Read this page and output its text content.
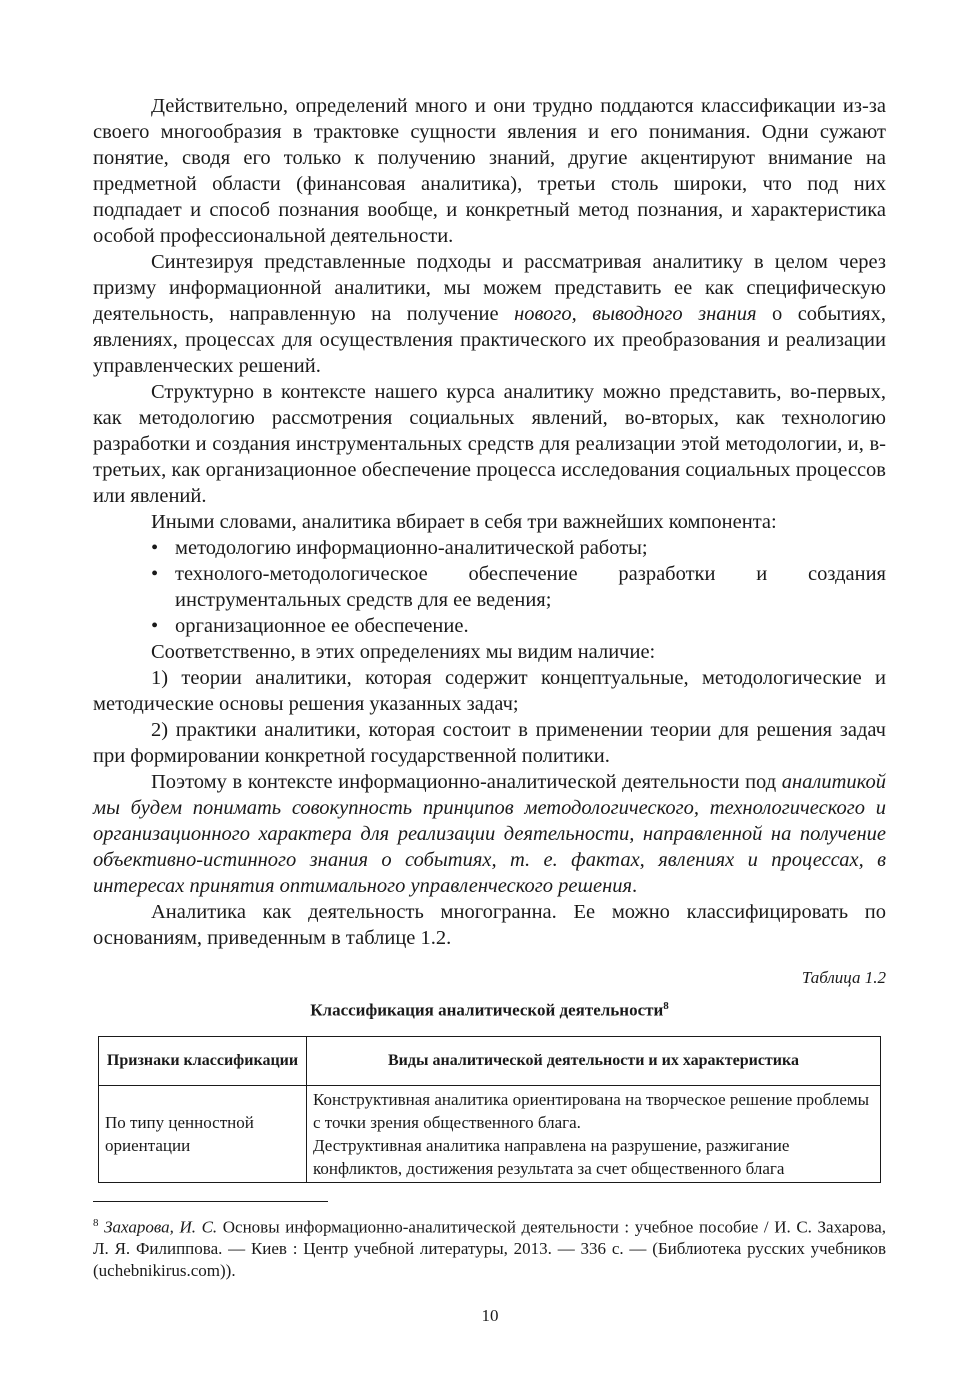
Действительно, определений много и они трудно поддаются классификации из-за своего многообразия в трактовке сущности явления и его понимания. Одни сужают понятие, сводя его только к получению знаний, другие акцентируют внимание на предметной области (финансовая аналитика), третьи столь широки, что под них подпадает и способ познания вообще, и конкретный метод познания, и характеристика особой профессиональной деятельности.

Синтезируя представленные подходы и рассматривая аналитику в целом через призму информационной аналитики, мы можем представить ее как специфическую деятельность, направленную на получение нового, выводного знания о событиях, явлениях, процессах для осуществления практического их преобразования и реализации управленческих решений.

Структурно в контексте нашего курса аналитику можно представить, во-первых, как методологию рассмотрения социальных явлений, во-вторых, как технологию разработки и создания инструментальных средств для реализации этой методологии, и, в-третьих, как организационное обеспечение процесса исследования социальных процессов или явлений.

Иными словами, аналитика вбирает в себя три важнейших компонента:

• методологию информационно-аналитической работы;
• технолого-методологическое обеспечение разработки и создания инструментальных средств для ее ведения;
• организационное ее обеспечение.

Соответственно, в этих определениях мы видим наличие:

1) теории аналитики, которая содержит концептуальные, методологические и методические основы решения указанных задач;

2) практики аналитики, которая состоит в применении теории для решения задач при формировании конкретной государственной политики.

Поэтому в контексте информационно-аналитической деятельности под аналитикой мы будем понимать совокупность принципов методологического, технологического и организационного характера для реализации деятельности, направленной на получение объективно-истинного знания о событиях, т. е. фактах, явлениях и процессах, в интересах принятия оптимального управленческого решения.

Аналитика как деятельность многогранна. Ее можно классифицировать по основаниям, приведенным в таблице 1.2.

Таблица 1.2

Классификация аналитической деятельности$^8$

Признаки классификации	Виды аналитической деятельности и их характеристика
По типу ценностной ориентации	Конструктивная аналитика ориентирована на творческое решение проблемы с точки зрения общественного блага.
Деструктивная аналитика направлена на разрушение, разжигание конфликтов, достижения результата за счет общественного блага

$^8$ Захарова, И. С. Основы информационно-аналитической деятельности : учебное пособие / И. С. Захарова, Л. Я. Филиппова. — Киев : Центр учебной литературы, 2013. — 336 с. — (Библиотека русских учебников (uchebnikirus.com)).

10
